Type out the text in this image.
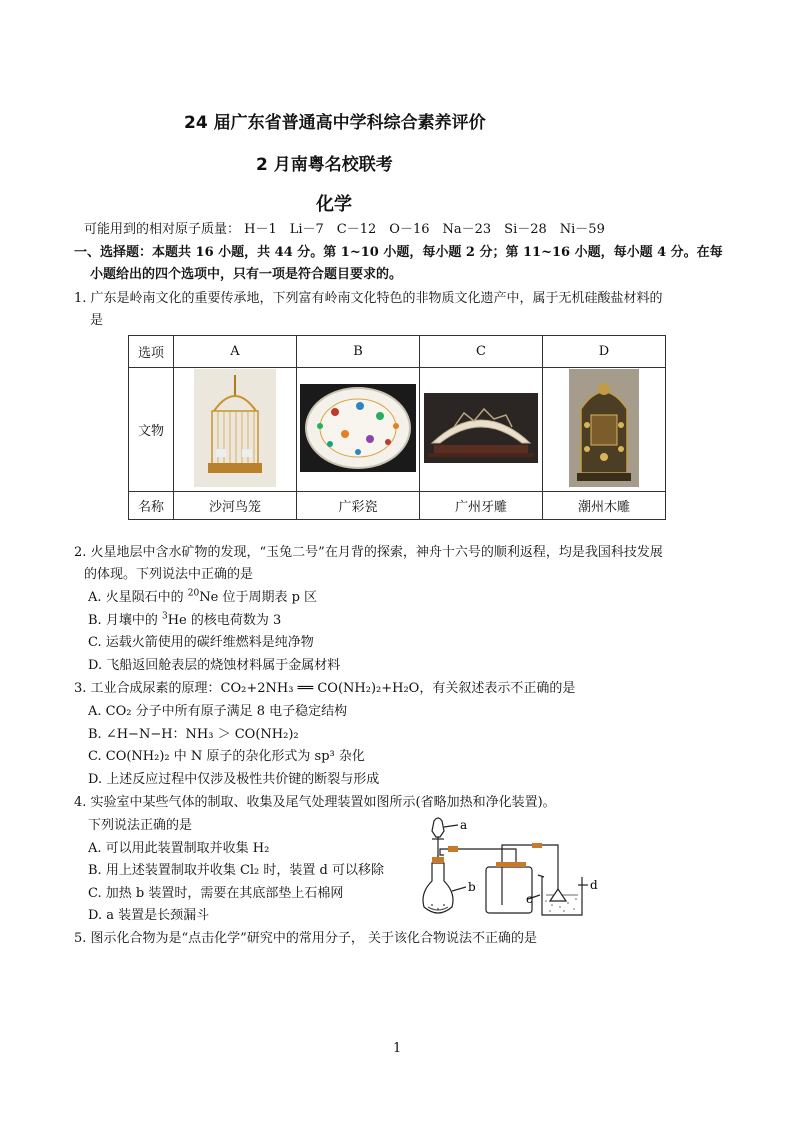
24 届广东省普通高中学科综合素养评价
2 月南粤名校联考
化学
可能用到的相对原子质量： H－1　Li－7　C－12　O－16　Na－23　Si－28　Ni－59
一、选择题：本题共 16 小题，共 44 分。第 1~10 小题，每小题 2 分；第 11~16 小题，每小题 4 分。在每
小题给出的四个选项中，只有一项是符合题目要求的。
1. 广东是岭南文化的重要传承地，下列富有岭南文化特色的非物质文化遗产中，属于无机硅酸盐材料的
是
选项	A	B	C	D
文物				
名称	沙河鸟笼	广彩瓷	广州牙雕	潮州木雕
2. 火星地层中含水矿物的发现，“玉兔二号”在月背的探索，神舟十六号的顺利返程，均是我国科技发展
的体现。下列说法中正确的是
A. 火星陨石中的 $^{20}$Ne 位于周期表 p 区
B. 月壤中的 $^3$He 的核电荷数为 3
C. 运载火箭使用的碳纤维燃料是纯净物
D. 飞船返回舱表层的烧蚀材料属于金属材料
3. 工业合成尿素的原理：CO₂+2NH₃ ══ CO(NH₂)₂+H₂O，有关叙述表示不正确的是
A. CO₂ 分子中所有原子满足 8 电子稳定结构
B. ∠H−N−H：NH₃ ＞ CO(NH₂)₂
C. CO(NH₂)₂ 中 N 原子的杂化形式为 sp³ 杂化
D. 上述反应过程中仅涉及极性共价键的断裂与形成
4. 实验室中某些气体的制取、收集及尾气处理装置如图所示(省略加热和净化装置)。
下列说法正确的是
A. 可以用此装置制取并收集 H₂
B. 用上述装置制取并收集 Cl₂ 时，装置 d 可以移除
C. 加热 b 装置时，需要在其底部垫上石棉网
D. a 装置是长颈漏斗
a
b
c
d
5. 图示化合物为是“点击化学”研究中的常用分子， 关于该化合物说法不正确的是
1
